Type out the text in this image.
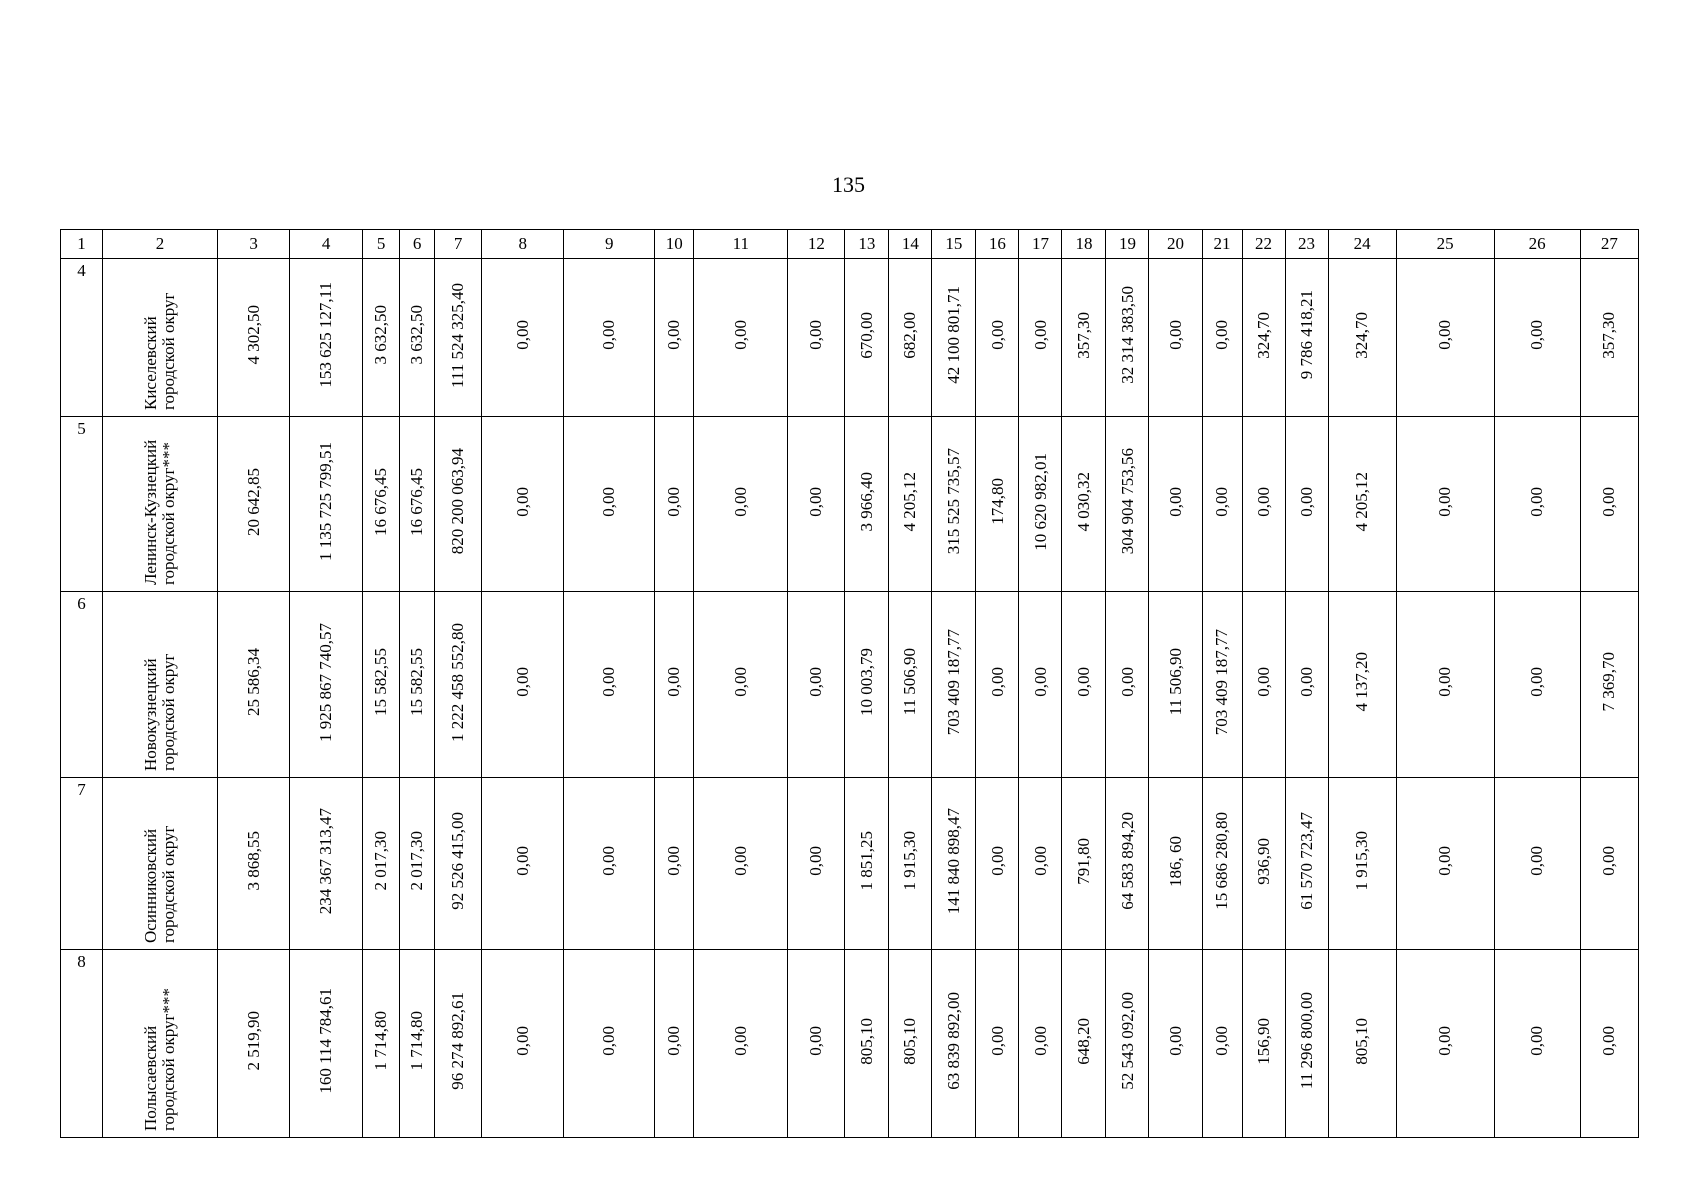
135
1	2	3	4	5	6	7	8	9	10	11	12	13	14	15	16	17	18	19	20	21	22	23	24	25	26	27
4	Киселевский городской округ	4 302,50	153 625 127,11	3 632,50	3 632,50	111 524 325,40	0,00	0,00	0,00	0,00	0,00	670,00	682,00	42 100 801,71	0,00	0,00	357,30	32 314 383,50	0,00	0,00	324,70	9 786 418,21	324,70	0,00	0,00	357,30
5	Ленинск-Кузнецкий городской округ***	20 642,85	1 135 725 799,51	16 676,45	16 676,45	820 200 063,94	0,00	0,00	0,00	0,00	0,00	3 966,40	4 205,12	315 525 735,57	174,80	10 620 982,01	4 030,32	304 904 753,56	0,00	0,00	0,00	0,00	4 205,12	0,00	0,00	0,00
6	Новокузнецкий городской округ	25 586,34	1 925 867 740,57	15 582,55	15 582,55	1 222 458 552,80	0,00	0,00	0,00	0,00	0,00	10 003,79	11 506,90	703 409 187,77	0,00	0,00	0,00	0,00	11 506,90	703 409 187,77	0,00	0,00	4 137,20	0,00	0,00	7 369,70
7	Осинниковский городской округ	3 868,55	234 367 313,47	2 017,30	2 017,30	92 526 415,00	0,00	0,00	0,00	0,00	0,00	1 851,25	1 915,30	141 840 898,47	0,00	0,00	791,80	64 583 894,20	186, 60	15 686 280,80	936,90	61 570 723,47	1 915,30	0,00	0,00	0,00
8	Полысаевский городской округ***	2 519,90	160 114 784,61	1 714,80	1 714,80	96 274 892,61	0,00	0,00	0,00	0,00	0,00	805,10	805,10	63 839 892,00	0,00	0,00	648,20	52 543 092,00	0,00	0,00	156,90	11 296 800,00	805,10	0,00	0,00	0,00
